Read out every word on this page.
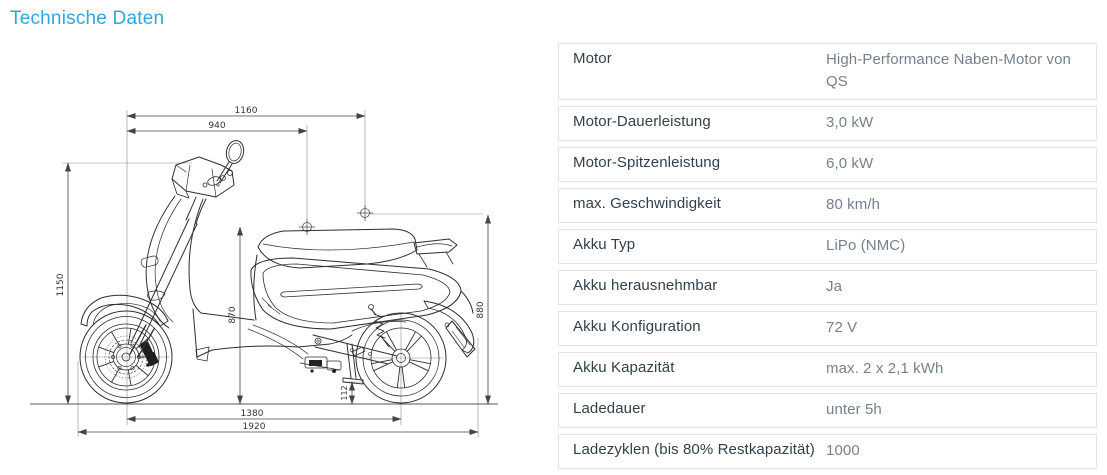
Technische Daten
1160
940
1150
870	880
112
1380
1920
Motor	High-Performance Naben-Motor von QS
Motor-Dauerleistung	3,0 kW
Motor-Spitzenleistung	6,0 kW
max. Geschwindigkeit	80 km/h
Akku Typ	LiPo (NMC)
Akku herausnehmbar	Ja
Akku Konfiguration	72 V
Akku Kapazität	max. 2 x 2,1 kWh
Ladedauer	unter 5h
Ladezyklen (bis 80% Restkapazität) 1000
